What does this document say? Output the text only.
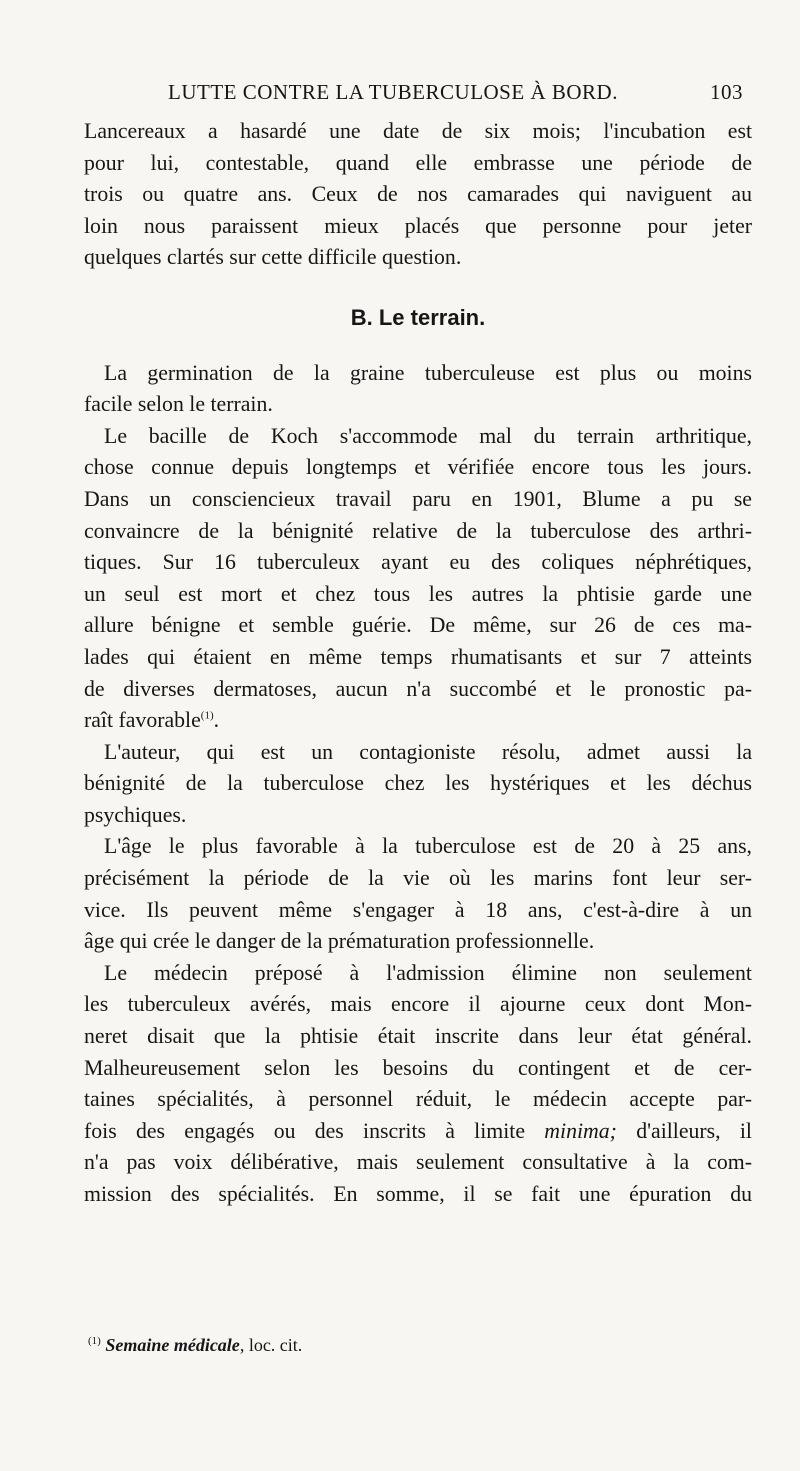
LUTTE CONTRE LA TUBERCULOSE À BORD.	103

Lancereaux a hasardé une date de six mois; l'incubation est
pour lui, contestable, quand elle embrasse une période de
trois ou quatre ans. Ceux de nos camarades qui naviguent au
loin nous paraissent mieux placés que personne pour jeter
quelques clartés sur cette difficile question.

B. Le terrain.

La germination de la graine tuberculeuse est plus ou moins
facile selon le terrain.

Le bacille de Koch s'accommode mal du terrain arthritique,
chose connue depuis longtemps et vérifiée encore tous les jours.
Dans un consciencieux travail paru en 1901, Blume a pu se
convaincre de la bénignité relative de la tuberculose des arthri-
tiques. Sur 16 tuberculeux ayant eu des coliques néphrétiques,
un seul est mort et chez tous les autres la phtisie garde une
allure bénigne et semble guérie. De même, sur 26 de ces ma-
lades qui étaient en même temps rhumatisants et sur 7 atteints
de diverses dermatoses, aucun n'a succombé et le pronostic pa-
raît favorable$^{(1)}$.

L'auteur, qui est un contagioniste résolu, admet aussi la
bénignité de la tuberculose chez les hystériques et les déchus
psychiques.

L'âge le plus favorable à la tuberculose est de 20 à 25 ans,
précisément la période de la vie où les marins font leur ser-
vice. Ils peuvent même s'engager à 18 ans, c'est-à-dire à un
âge qui crée le danger de la prématuration professionnelle.

Le médecin préposé à l'admission élimine non seulement
les tuberculeux avérés, mais encore il ajourne ceux dont Mon-
neret disait que la phtisie était inscrite dans leur état général.
Malheureusement selon les besoins du contingent et de cer-
taines spécialités, à personnel réduit, le médecin accepte par-
fois des engagés ou des inscrits à limite minima; d'ailleurs, il
n'a pas voix délibérative, mais seulement consultative à la com-
mission des spécialités. En somme, il se fait une épuration du

$^{(1)}$ Semaine médicale, loc. cit.
